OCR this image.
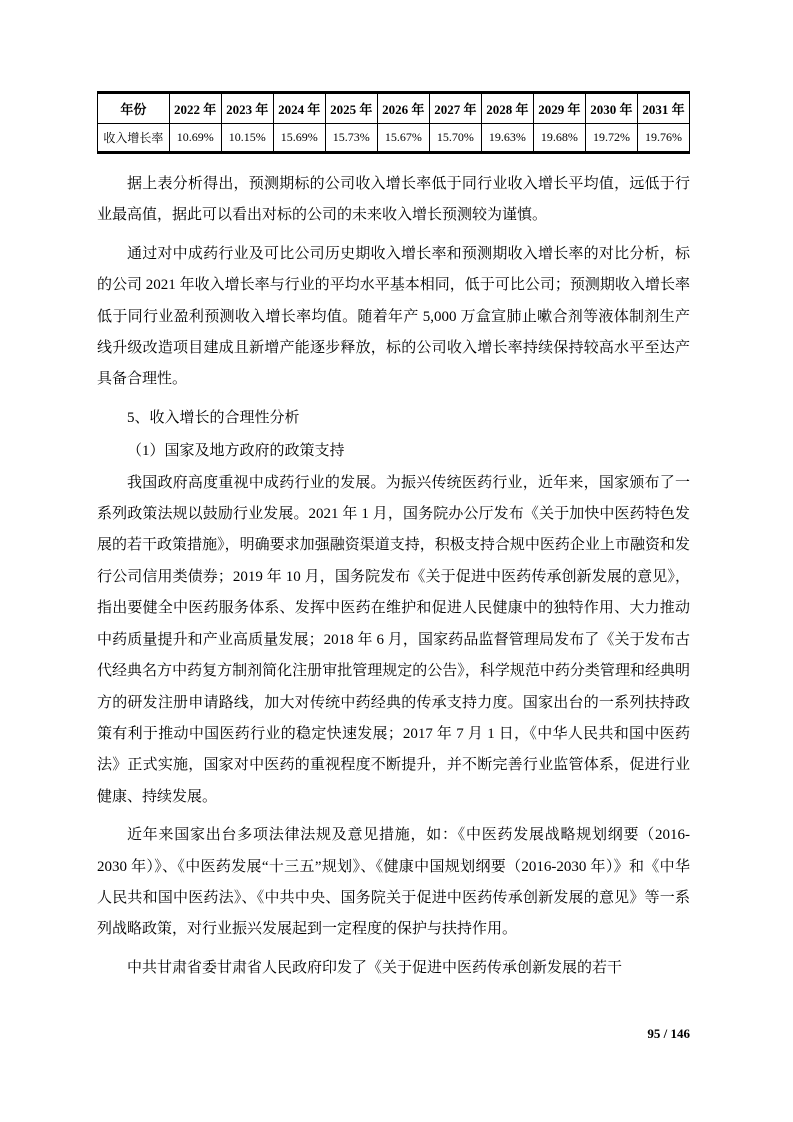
年份	2022 年	2023 年	2024 年	2025 年	2026 年	2027 年	2028 年	2029 年	2030 年	2031 年
收入增长率	10.69%	10.15%	15.69%	15.73%	15.67%	15.70%	19.63%	19.68%	19.72%	19.76%

据上表分析得出，预测期标的公司收入增长率低于同行业收入增长平均值，远低于行业最高值，据此可以看出对标的公司的未来收入增长预测较为谨慎。

通过对中成药行业及可比公司历史期收入增长率和预测期收入增长率的对比分析，标的公司 2021 年收入增长率与行业的平均水平基本相同，低于可比公司；预测期收入增长率低于同行业盈利预测收入增长率均值。随着年产 5,000 万盒宣肺止嗽合剂等液体制剂生产线升级改造项目建成且新增产能逐步释放，标的公司收入增长率持续保持较高水平至达产具备合理性。

5、收入增长的合理性分析

（1）国家及地方政府的政策支持

我国政府高度重视中成药行业的发展。为振兴传统医药行业，近年来，国家颁布了一系列政策法规以鼓励行业发展。2021 年 1 月，国务院办公厅发布《关于加快中医药特色发展的若干政策措施》，明确要求加强融资渠道支持，积极支持合规中医药企业上市融资和发行公司信用类债券；2019 年 10 月，国务院发布《关于促进中医药传承创新发展的意见》，指出要健全中医药服务体系、发挥中医药在维护和促进人民健康中的独特作用、大力推动中药质量提升和产业高质量发展；2018 年 6 月，国家药品监督管理局发布了《关于发布古代经典名方中药复方制剂简化注册审批管理规定的公告》，科学规范中药分类管理和经典明方的研发注册申请路线，加大对传统中药经典的传承支持力度。国家出台的一系列扶持政策有利于推动中国医药行业的稳定快速发展；2017 年 7 月 1 日，《中华人民共和国中医药法》正式实施，国家对中医药的重视程度不断提升，并不断完善行业监管体系，促进行业健康、持续发展。

近年来国家出台多项法律法规及意见措施，如：《中医药发展战略规划纲要（2016-2030 年）》、《中医药发展“十三五”规划》、《健康中国规划纲要（2016-2030 年）》和《中华人民共和国中医药法》、《中共中央、国务院关于促进中医药传承创新发展的意见》等一系列战略政策，对行业振兴发展起到一定程度的保护与扶持作用。

中共甘肃省委甘肃省人民政府印发了《关于促进中医药传承创新发展的若干

95 / 146
